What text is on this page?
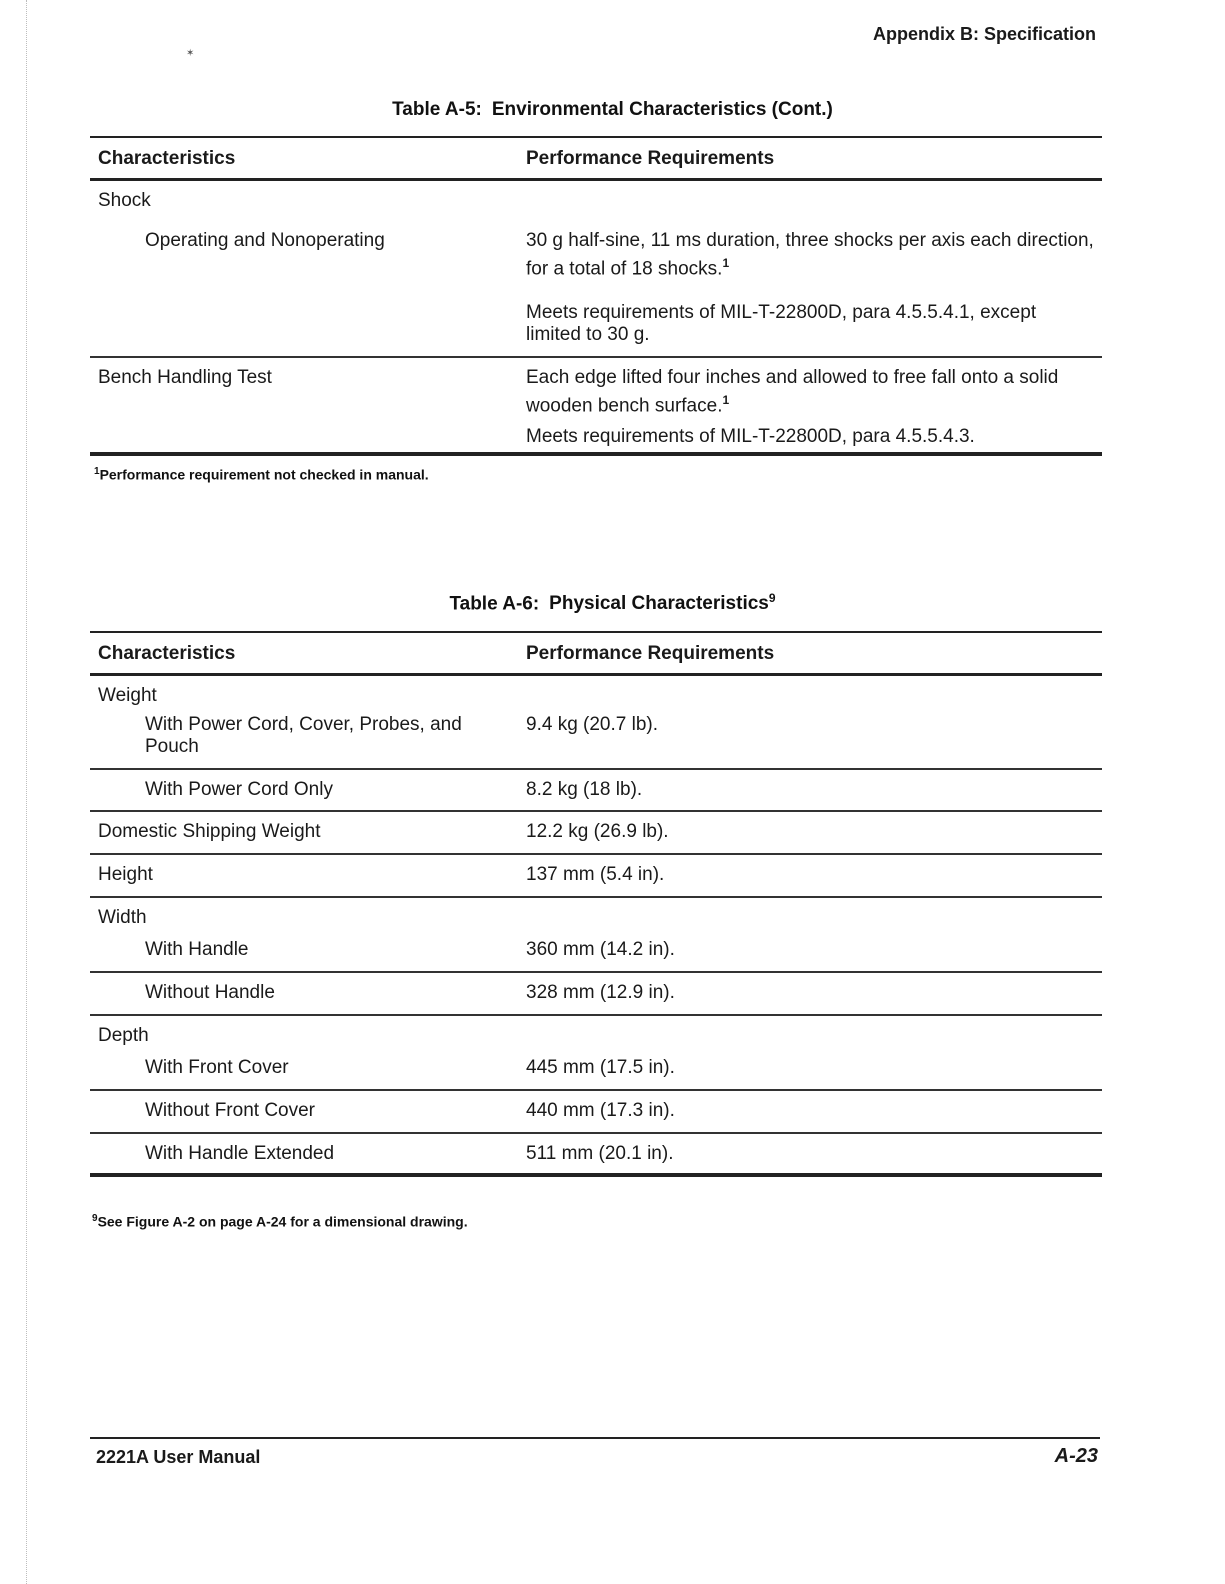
✶
Appendix B: Specification
Table A-5: Environmental Characteristics (Cont.)
Characteristics	Performance Requirements
Shock	
Operating and Nonoperating	30 g half-sine, 11 ms duration, three shocks per axis each direction, for a total of 18 shocks.$^1$

Meets requirements of MIL-T-22800D, para 4.5.5.4.1, except limited to 30 g.

Bench Handling Test	Each edge lifted four inches and allowed to free fall onto a solid wooden bench surface.$^1$

Meets requirements of MIL-T-22800D, para 4.5.5.4.3.

$^1$Performance requirement not checked in manual.
Table A-6: Physical Characteristics$^9$
Characteristics	Performance Requirements
Weight	
With Power Cord, Cover, Probes, and Pouch	9.4 kg (20.7 lb).
With Power Cord Only	8.2 kg (18 lb).
Domestic Shipping Weight	12.2 kg (26.9 lb).
Height	137 mm (5.4 in).
Width	
With Handle	360 mm (14.2 in).
Without Handle	328 mm (12.9 in).
Depth	
With Front Cover	445 mm (17.5 in).
Without Front Cover	440 mm (17.3 in).
With Handle Extended	511 mm (20.1 in).
$^9$See Figure A-2 on page A-24 for a dimensional drawing.
2221A User Manual	A-23
